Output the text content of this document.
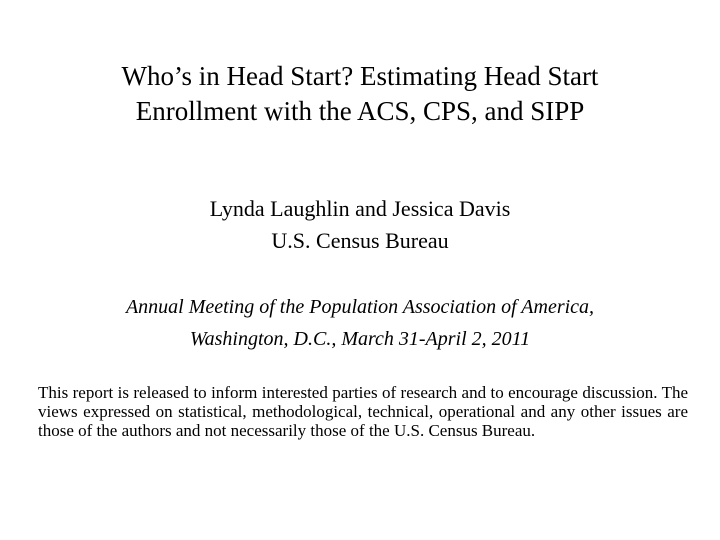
Who’s in Head Start? Estimating Head Start
Enrollment with the ACS, CPS, and SIPP
Lynda Laughlin and Jessica Davis
U.S. Census Bureau
Annual Meeting of the Population Association of America,
Washington, D.C., March 31-April 2, 2011

This report is released to inform interested parties of research and to encourage discussion. The views expressed on statistical, methodological, technical, operational and any other issues are those of the authors and not necessarily those of the U.S. Census Bureau.
